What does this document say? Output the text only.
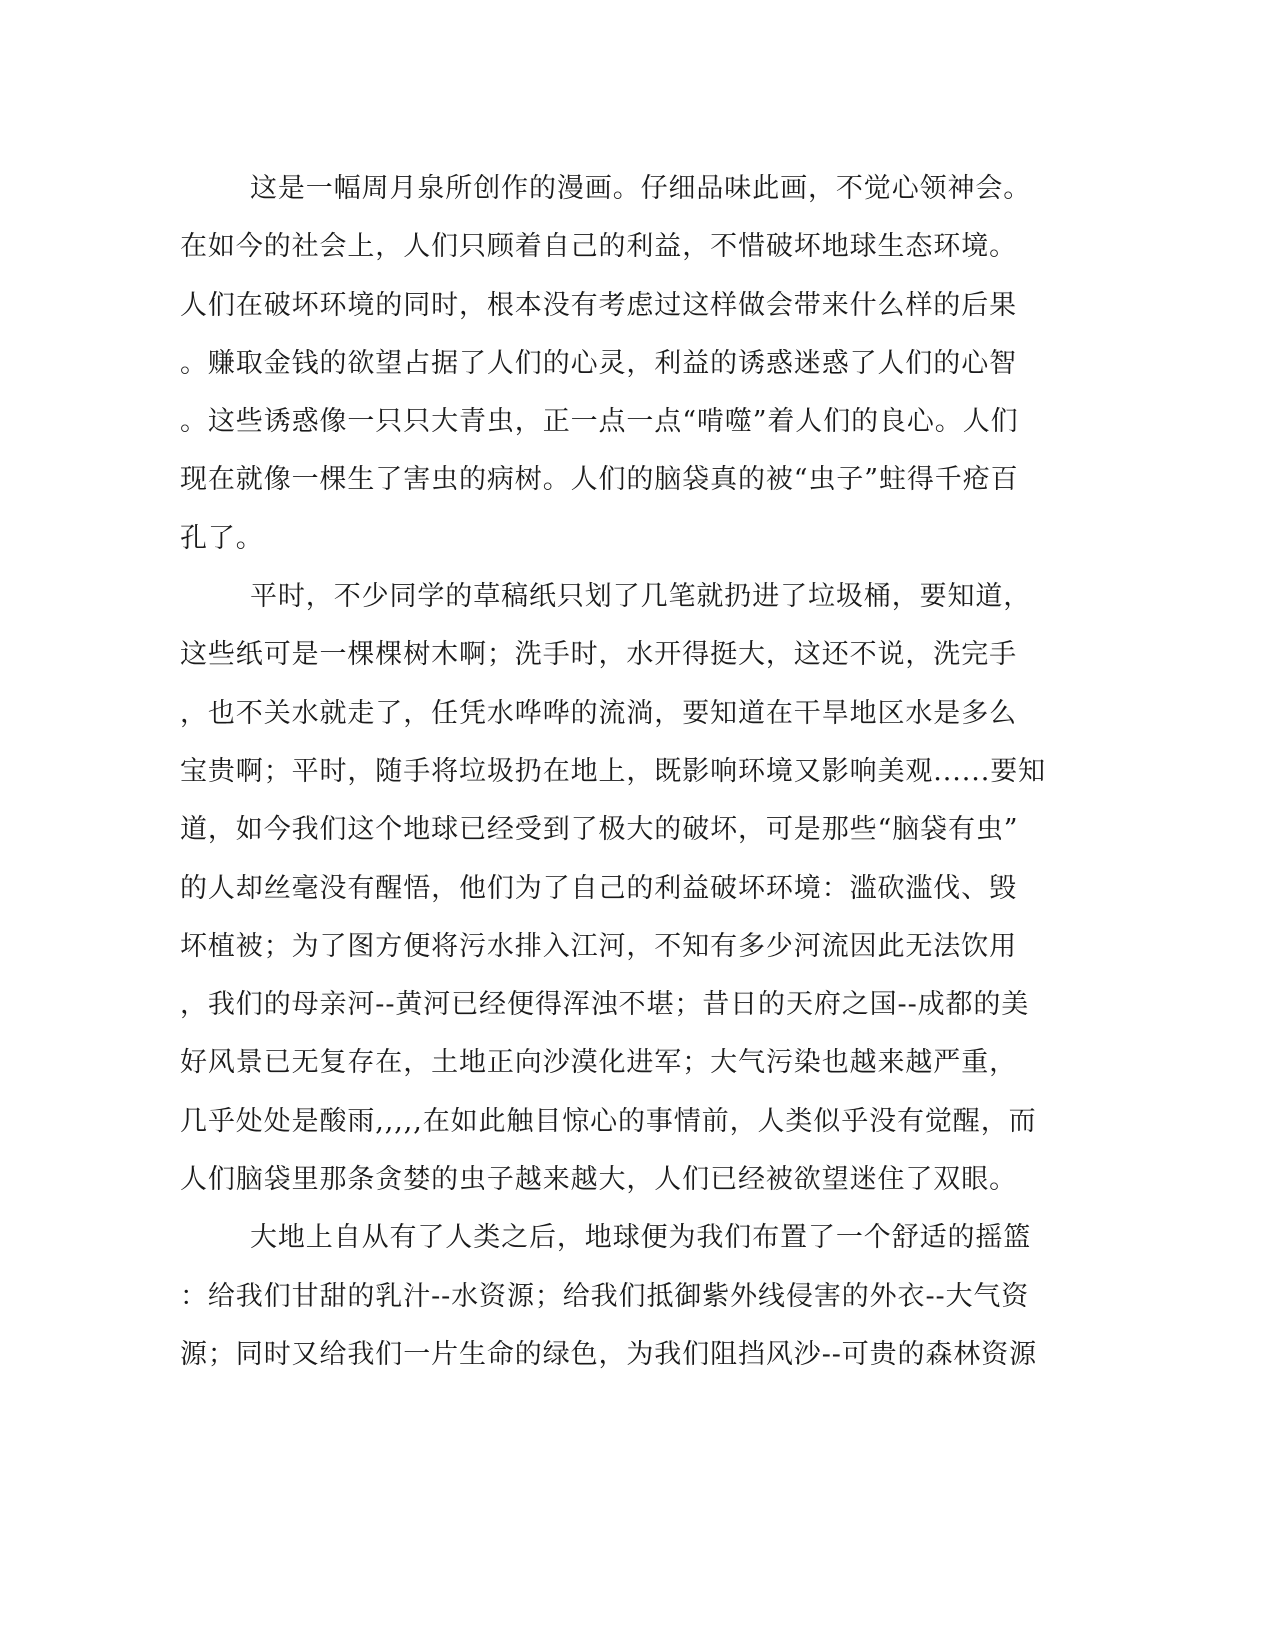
这是一幅周月泉所创作的漫画。仔细品味此画，不觉心领神会。
在如今的社会上，人们只顾着自己的利益，不惜破坏地球生态环境。
人们在破坏环境的同时，根本没有考虑过这样做会带来什么样的后果
。赚取金钱的欲望占据了人们的心灵，利益的诱惑迷惑了人们的心智
。这些诱惑像一只只大青虫，正一点一点“啃噬”着人们的良心。人们
现在就像一棵生了害虫的病树。人们的脑袋真的被“虫子”蛀得千疮百
孔了。
平时，不少同学的草稿纸只划了几笔就扔进了垃圾桶，要知道，
这些纸可是一棵棵树木啊；洗手时，水开得挺大，这还不说，洗完手
，也不关水就走了，任凭水哗哗的流淌，要知道在干旱地区水是多么
宝贵啊；平时，随手将垃圾扔在地上，既影响环境又影响美观......要知
道，如今我们这个地球已经受到了极大的破坏，可是那些“脑袋有虫”
的人却丝毫没有醒悟，他们为了自己的利益破坏环境：滥砍滥伐、毁
坏植被；为了图方便将污水排入江河，不知有多少河流因此无法饮用
，我们的母亲河--黄河已经便得浑浊不堪；昔日的天府之国--成都的美
好风景已无复存在，土地正向沙漠化进军；大气污染也越来越严重，
几乎处处是酸雨,,,,,在如此触目惊心的事情前，人类似乎没有觉醒，而
人们脑袋里那条贪婪的虫子越来越大，人们已经被欲望迷住了双眼。
大地上自从有了人类之后，地球便为我们布置了一个舒适的摇篮
：给我们甘甜的乳汁--水资源；给我们抵御紫外线侵害的外衣--大气资
源；同时又给我们一片生命的绿色，为我们阻挡风沙--可贵的森林资源
